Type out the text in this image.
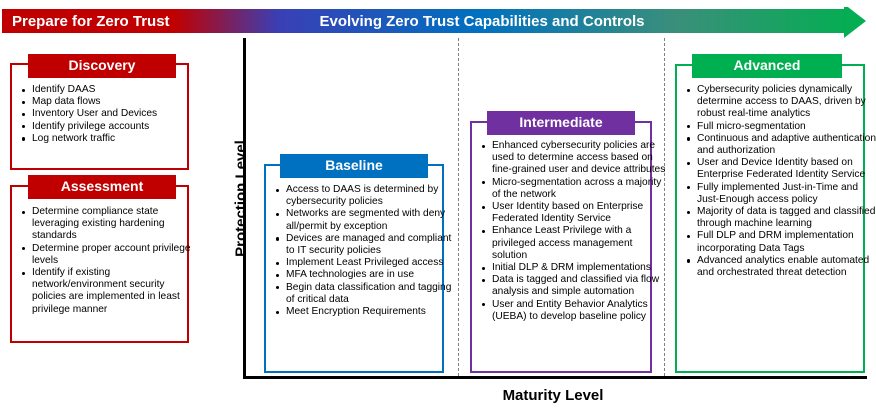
Prepare for Zero Trust	Evolving Zero Trust Capabilities and Controls
Discovery
Identify DAAS
Map data flows
Inventory User and Devices
Identify privilege accounts
Log network traffic
Assessment
Determine compliance state leveraging existing hardening standards
Determine proper account privilege levels
Identify if existing network/environment security policies are implemented in least privilege manner
Protection Level
Maturity Level
Baseline
Access to DAAS is determined by cybersecurity policies
Networks are segmented with deny all/permit by exception
Devices are managed and compliant to IT security policies
Implement Least Privileged access
MFA technologies are in use
Begin data classification and tagging of critical data
Meet Encryption Requirements
Intermediate
Enhanced cybersecurity policies are used to determine access based on fine-grained user and device attributes
Micro-segmentation across a majority of the network
User Identity based on Enterprise Federated Identity Service
Enhance Least Privilege with a privileged access management solution
Initial DLP & DRM implementations
Data is tagged and classified via flow analysis and simple automation
User and Entity Behavior Analytics (UEBA) to develop baseline policy
Advanced
Cybersecurity policies dynamically determine access to DAAS, driven by robust real-time analytics
Full micro-segmentation
Continuous and adaptive authentication and authorization
User and Device Identity based on Enterprise Federated Identity Service
Fully implemented Just-in-Time and Just-Enough access policy
Majority of data is tagged and classified through machine learning
Full DLP and DRM implementation incorporating Data Tags
Advanced analytics enable automated and orchestrated threat detection
